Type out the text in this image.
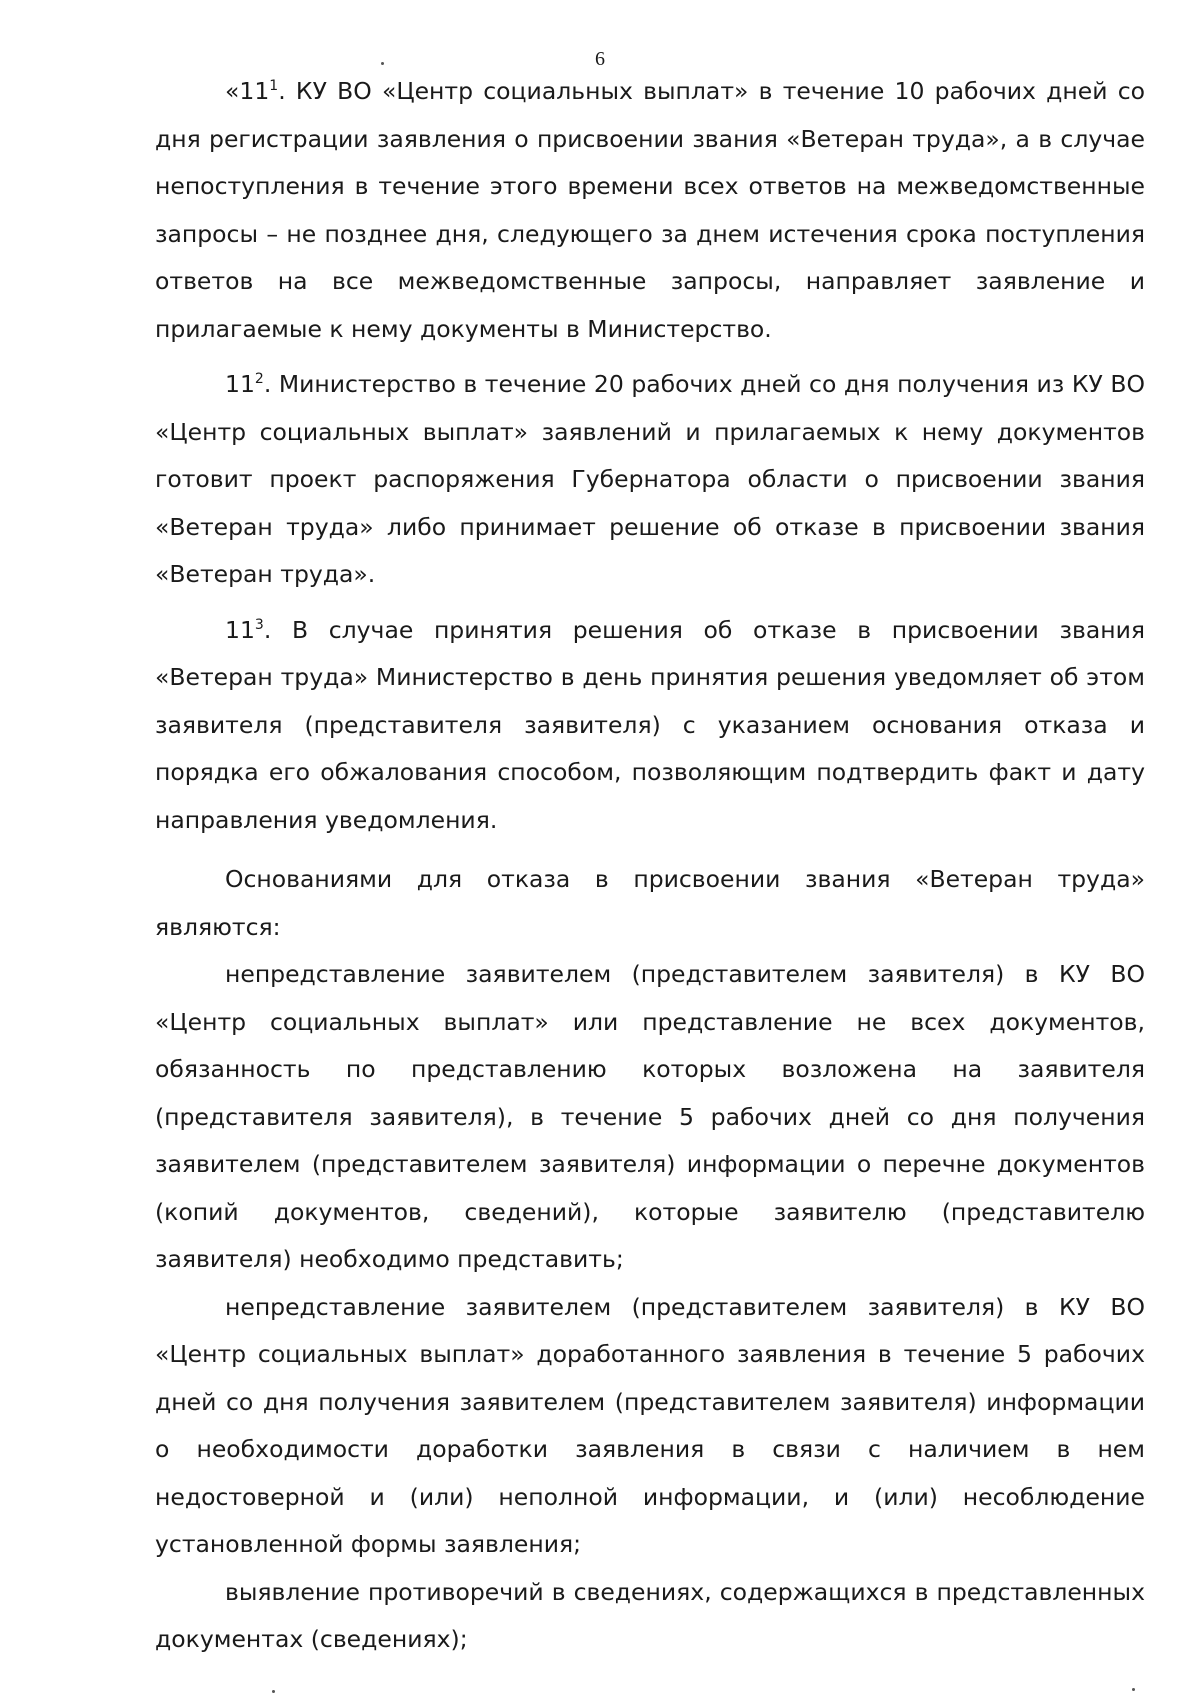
6

«$11^1$. КУ ВО «Центр социальных выплат» в течение 10 рабочих дней со дня регистрации заявления о присвоении звания «Ветеран труда», а в случае непоступления в течение этого времени всех ответов на межведомственные запросы – не позднее дня, следующего за днем истечения срока поступления ответов на все межведомственные запросы, направляет заявление и прилагаемые к нему документы в Министерство.

$11^2$. Министерство в течение 20 рабочих дней со дня получения из КУ ВО «Центр социальных выплат» заявлений и прилагаемых к нему документов готовит проект распоряжения Губернатора области о присвоении звания «Ветеран труда» либо принимает решение об отказе в присвоении звания «Ветеран труда».

$11^3$. В случае принятия решения об отказе в присвоении звания «Ветеран труда» Министерство в день принятия решения уведомляет об этом заявителя (представителя заявителя) с указанием основания отказа и порядка его обжалования способом, позволяющим подтвердить факт и дату направления уведомления.

Основаниями для отказа в присвоении звания «Ветеран труда» являются:

непредставление заявителем (представителем заявителя) в КУ ВО «Центр социальных выплат» или представление не всех документов, обязанность по представлению которых возложена на заявителя (представителя заявителя), в течение 5 рабочих дней со дня получения заявителем (представителем заявителя) информации о перечне документов (копий документов, сведений), которые заявителю (представителю заявителя) необходимо представить;

непредставление заявителем (представителем заявителя) в КУ ВО «Центр социальных выплат» доработанного заявления в течение 5 рабочих дней со дня получения заявителем (представителем заявителя) информации о необходимости доработки заявления в связи с наличием в нем недостоверной и (или) неполной информации, и (или) несоблюдение установленной формы заявления;

выявление противоречий в сведениях, содержащихся в представленных документах (сведениях);
